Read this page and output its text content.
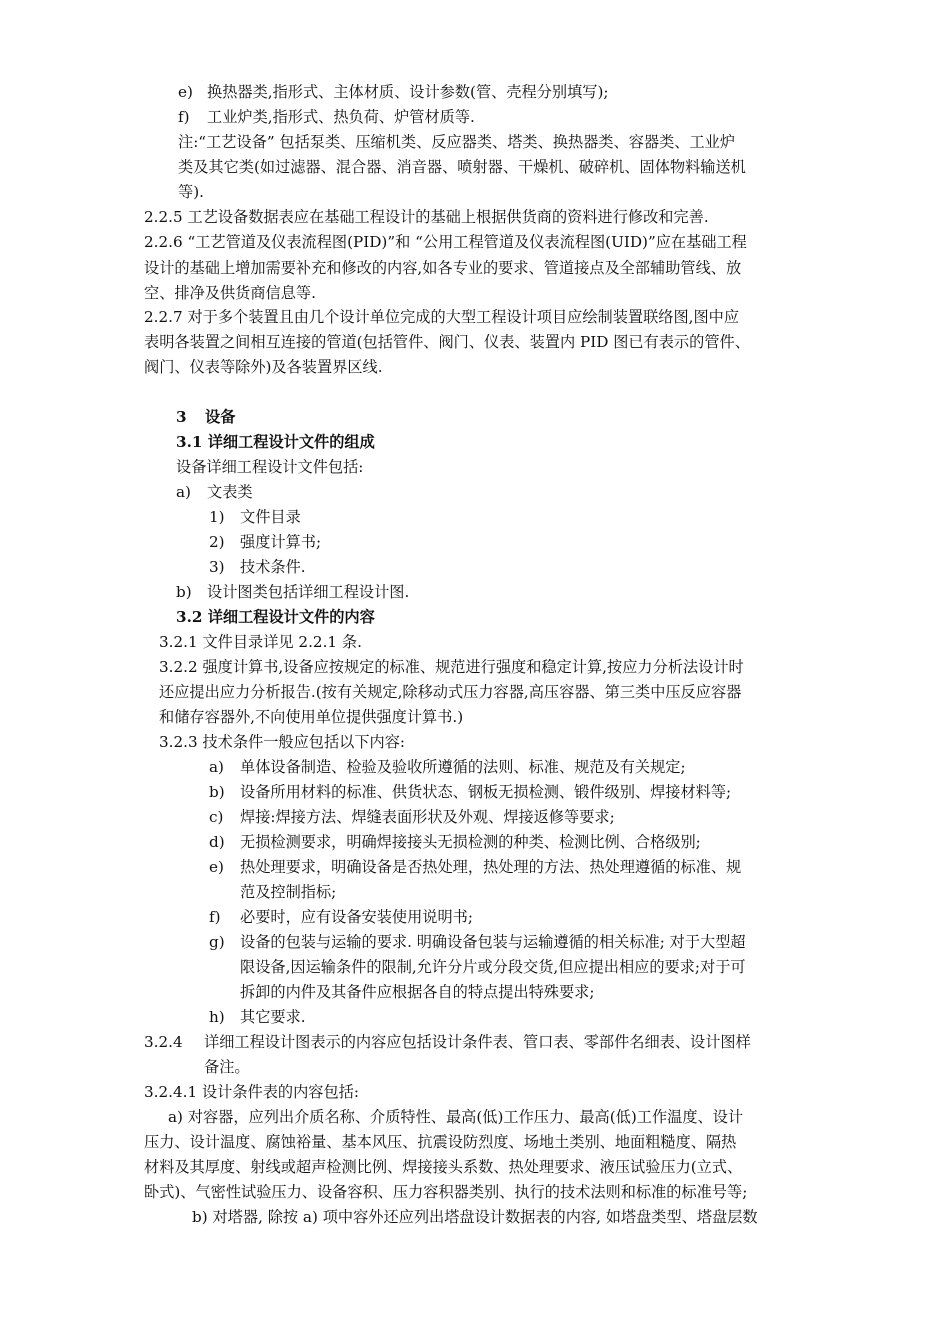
e) 换热器类,指形式、主体材质、设计参数(管、壳程分别填写);
f) 工业炉类,指形式、热负荷、炉管材质等.
注:“工艺设备” 包括泵类、压缩机类、反应器类、塔类、换热器类、容器类、工业炉
类及其它类(如过滤器、混合器、消音器、喷射器、干燥机、破碎机、固体物料输送机
等).
2.2.5 工艺设备数据表应在基础工程设计的基础上根据供货商的资料进行修改和完善.
2.2.6 “工艺管道及仪表流程图(PID)”和 “公用工程管道及仪表流程图(UID)”应在基础工程
设计的基础上增加需要补充和修改的内容,如各专业的要求、管道接点及全部辅助管线、放
空、排净及供货商信息等.
2.2.7 对于多个装置且由几个设计单位完成的大型工程设计项目应绘制装置联络图,图中应
表明各装置之间相互连接的管道(包括管件、阀门、仪表、装置内 PID 图已有表示的管件、
阀门、仪表等除外)及各装置界区线.
3 设备
3.1 详细工程设计文件的组成
设备详细工程设计文件包括:
a) 文表类
1) 文件目录
2) 强度计算书;
3) 技术条件.
b) 设计图类包括详细工程设计图.
3.2 详细工程设计文件的内容
3.2.1 文件目录详见 2.2.1 条.
3.2.2 强度计算书,设备应按规定的标准、规范进行强度和稳定计算,按应力分析法设计时
还应提出应力分析报告.(按有关规定,除移动式压力容器,高压容器、第三类中压反应容器
和储存容器外,不向使用单位提供强度计算书.)
3.2.3 技术条件一般应包括以下内容:
a) 单体设备制造、检验及验收所遵循的法则、标准、规范及有关规定;
b) 设备所用材料的标准、供货状态、钢板无损检测、锻件级别、焊接材料等;
c) 焊接:焊接方法、焊缝表面形状及外观、焊接返修等要求;
d) 无损检测要求，明确焊接接头无损检测的种类、检测比例、合格级别;
e) 热处理要求，明确设备是否热处理，热处理的方法、热处理遵循的标准、规
范及控制指标;
f) 必要时，应有设备安装使用说明书;
g) 设备的包装与运输的要求. 明确设备包装与运输遵循的相关标准; 对于大型超
限设备,因运输条件的限制,允许分片或分段交货,但应提出相应的要求;对于可
拆卸的内件及其备件应根据各自的特点提出特殊要求;
h) 其它要求.
3.2.4 详细工程设计图表示的内容应包括设计条件表、管口表、零部件名细表、设计图样
备注。
3.2.4.1 设计条件表的内容包括:
a) 对容器，应列出介质名称、介质特性、最高(低)工作压力、最高(低)工作温度、设计
压力、设计温度、腐蚀裕量、基本风压、抗震设防烈度、场地土类别、地面粗糙度、隔热
材料及其厚度、射线或超声检测比例、焊接接头系数、热处理要求、液压试验压力(立式、
卧式)、气密性试验压力、设备容积、压力容积器类别、执行的技术法则和标准的标准号等;
b) 对塔器, 除按 a) 项中容外还应列出塔盘设计数据表的内容, 如塔盘类型、塔盘层数
